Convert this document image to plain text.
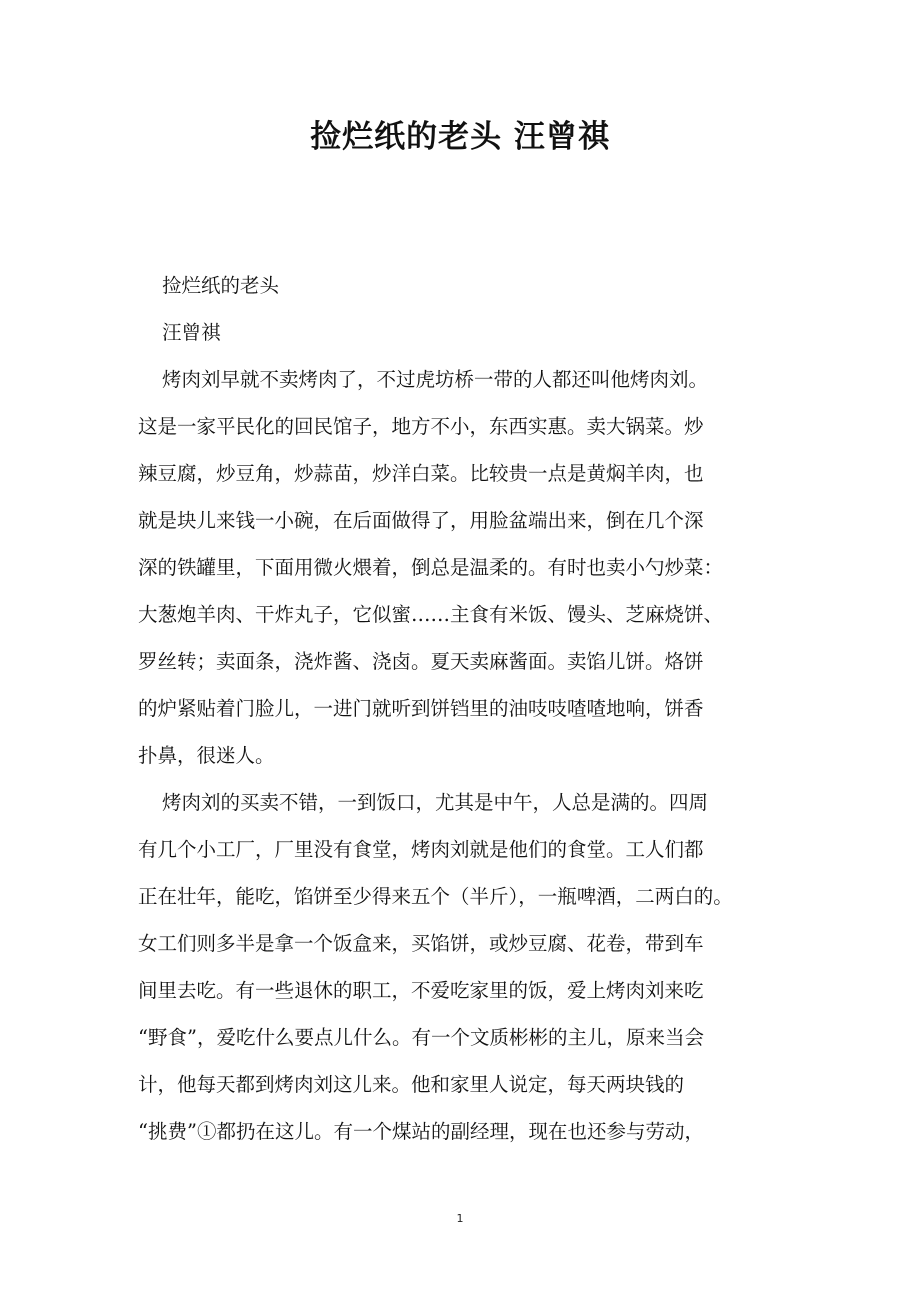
捡烂纸的老头 汪曾祺

捡烂纸的老头

汪曾祺

烤肉刘早就不卖烤肉了，不过虎坊桥一带的人都还叫他烤肉刘。

这是一家平民化的回民馆子，地方不小，东西实惠。卖大锅菜。炒

辣豆腐，炒豆角，炒蒜苗，炒洋白菜。比较贵一点是黄焖羊肉，也

就是块儿来钱一小碗，在后面做得了，用脸盆端出来，倒在几个深

深的铁罐里，下面用微火煨着，倒总是温柔的。有时也卖小勺炒菜：

大葱炮羊肉、干炸丸子，它似蜜……主食有米饭、馒头、芝麻烧饼、

罗丝转；卖面条，浇炸酱、浇卤。夏天卖麻酱面。卖馅儿饼。烙饼

的炉紧贴着门脸儿，一进门就听到饼铛里的油吱吱喳喳地响，饼香

扑鼻，很迷人。

烤肉刘的买卖不错，一到饭口，尤其是中午，人总是满的。四周

有几个小工厂，厂里没有食堂，烤肉刘就是他们的食堂。工人们都

正在壮年，能吃，馅饼至少得来五个（半斤），一瓶啤酒，二两白的。

女工们则多半是拿一个饭盒来，买馅饼，或炒豆腐、花卷，带到车

间里去吃。有一些退休的职工，不爱吃家里的饭，爱上烤肉刘来吃

“野食”，爱吃什么要点儿什么。有一个文质彬彬的主儿，原来当会

计，他每天都到烤肉刘这儿来。他和家里人说定，每天两块钱的

“挑费”①都扔在这儿。有一个煤站的副经理，现在也还参与劳动，

1
